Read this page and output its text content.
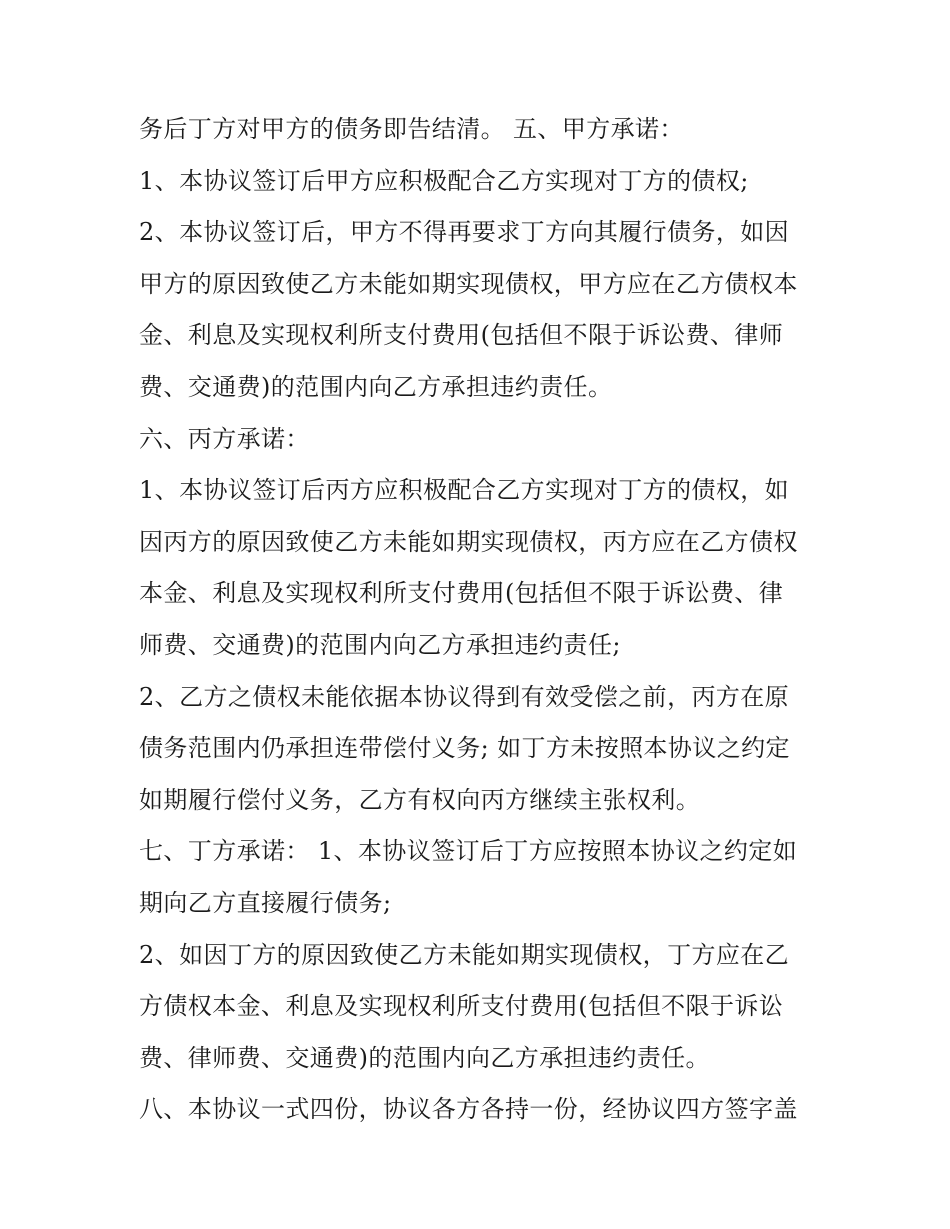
务后丁方对甲方的债务即告结清。 五、甲方承诺：
1、本协议签订后甲方应积极配合乙方实现对丁方的债权;
2、本协议签订后，甲方不得再要求丁方向其履行债务，如因
甲方的原因致使乙方未能如期实现债权，甲方应在乙方债权本
金、利息及实现权利所支付费用(包括但不限于诉讼费、律师
费、交通费)的范围内向乙方承担违约责任。
六、丙方承诺：
1、本协议签订后丙方应积极配合乙方实现对丁方的债权，如
因丙方的原因致使乙方未能如期实现债权，丙方应在乙方债权
本金、利息及实现权利所支付费用(包括但不限于诉讼费、律
师费、交通费)的范围内向乙方承担违约责任;
2、乙方之债权未能依据本协议得到有效受偿之前，丙方在原
债务范围内仍承担连带偿付义务; 如丁方未按照本协议之约定
如期履行偿付义务，乙方有权向丙方继续主张权利。
七、丁方承诺： 1、本协议签订后丁方应按照本协议之约定如
期向乙方直接履行债务;
2、如因丁方的原因致使乙方未能如期实现债权，丁方应在乙
方债权本金、利息及实现权利所支付费用(包括但不限于诉讼
费、律师费、交通费)的范围内向乙方承担违约责任。
八、本协议一式四份，协议各方各持一份，经协议四方签字盖
